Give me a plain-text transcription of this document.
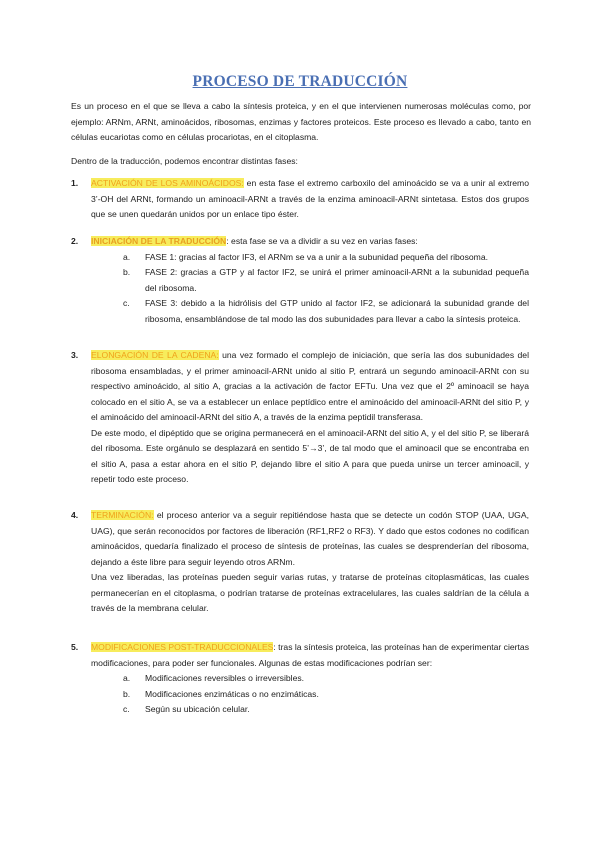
PROCESO DE TRADUCCIÓN

Es un proceso en el que se lleva a cabo la síntesis proteica, y en el que intervienen numerosas moléculas como, por ejemplo: ARNm, ARNt, aminoácidos, ribosomas, enzimas y factores proteicos. Este proceso es llevado a cabo, tanto en células eucariotas como en células procariotas, en el citoplasma.

Dentro de la traducción, podemos encontrar distintas fases:

1. ACTIVACIÓN DE LOS AMINOÁCIDOS: en esta fase el extremo carboxilo del aminoácido se va a unir al extremo 3’-OH del ARNt, formando un aminoacil-ARNt a través de la enzima aminoacil-ARNt sintetasa. Estos dos grupos que se unen quedarán unidos por un enlace tipo éster.

2. INICIACIÓN DE LA TRADUCCIÓN: esta fase se va a dividir a su vez en varias fases:

a. FASE 1: gracias al factor IF3, el ARNm se va a unir a la subunidad pequeña del ribosoma.
b. FASE 2: gracias a GTP y al factor IF2, se unirá el primer aminoacil-ARNt a la subunidad pequeña del ribosoma.
c. FASE 3: debido a la hidrólisis del GTP unido al factor IF2, se adicionará la subunidad grande del ribosoma, ensamblándose de tal modo las dos subunidades para llevar a cabo la síntesis proteica.
3. ELONGACIÓN DE LA CADENA: una vez formado el complejo de iniciación, que sería las dos subunidades del ribosoma ensambladas, y el primer aminoacil-ARNt unido al sitio P, entrará un segundo aminoacil-ARNt con su respectivo aminoácido, al sitio A, gracias a la activación de factor EFTu. Una vez que el 2º aminoacil se haya colocado en el sitio A, se va a establecer un enlace peptídico entre el aminoácido del aminoacil-ARNt del sitio P, y el aminoácido del aminoacil-ARNt del sitio A, a través de la enzima peptidil transferasa.

De este modo, el dipéptido que se origina permanecerá en el aminoacil-ARNt del sitio A, y el del sitio P, se liberará del ribosoma. Este orgánulo se desplazará en sentido 5’→3’, de tal modo que el aminoacil que se encontraba en el sitio A, pasa a estar ahora en el sitio P, dejando libre el sitio A para que pueda unirse un tercer aminoacil, y repetir todo este proceso.

4. TERMINACIÓN: el proceso anterior va a seguir repitiéndose hasta que se detecte un codón STOP (UAA, UGA, UAG), que serán reconocidos por factores de liberación (RF1,RF2 o RF3). Y dado que estos codones no codifican aminoácidos, quedaría finalizado el proceso de síntesis de proteínas, las cuales se desprenderían del ribosoma, dejando a éste libre para seguir leyendo otros ARNm.

Una vez liberadas, las proteínas pueden seguir varias rutas, y tratarse de proteínas citoplasmáticas, las cuales permanecerían en el citoplasma, o podrían tratarse de proteínas extracelulares, las cuales saldrían de la célula a través de la membrana celular.

5. MODIFICACIONES POST-TRADUCCIONALES: tras la síntesis proteica, las proteínas han de experimentar ciertas modificaciones, para poder ser funcionales. Algunas de estas modificaciones podrían ser:

a. Modificaciones reversibles o irreversibles.
b. Modificaciones enzimáticas o no enzimáticas.
c. Según su ubicación celular.
